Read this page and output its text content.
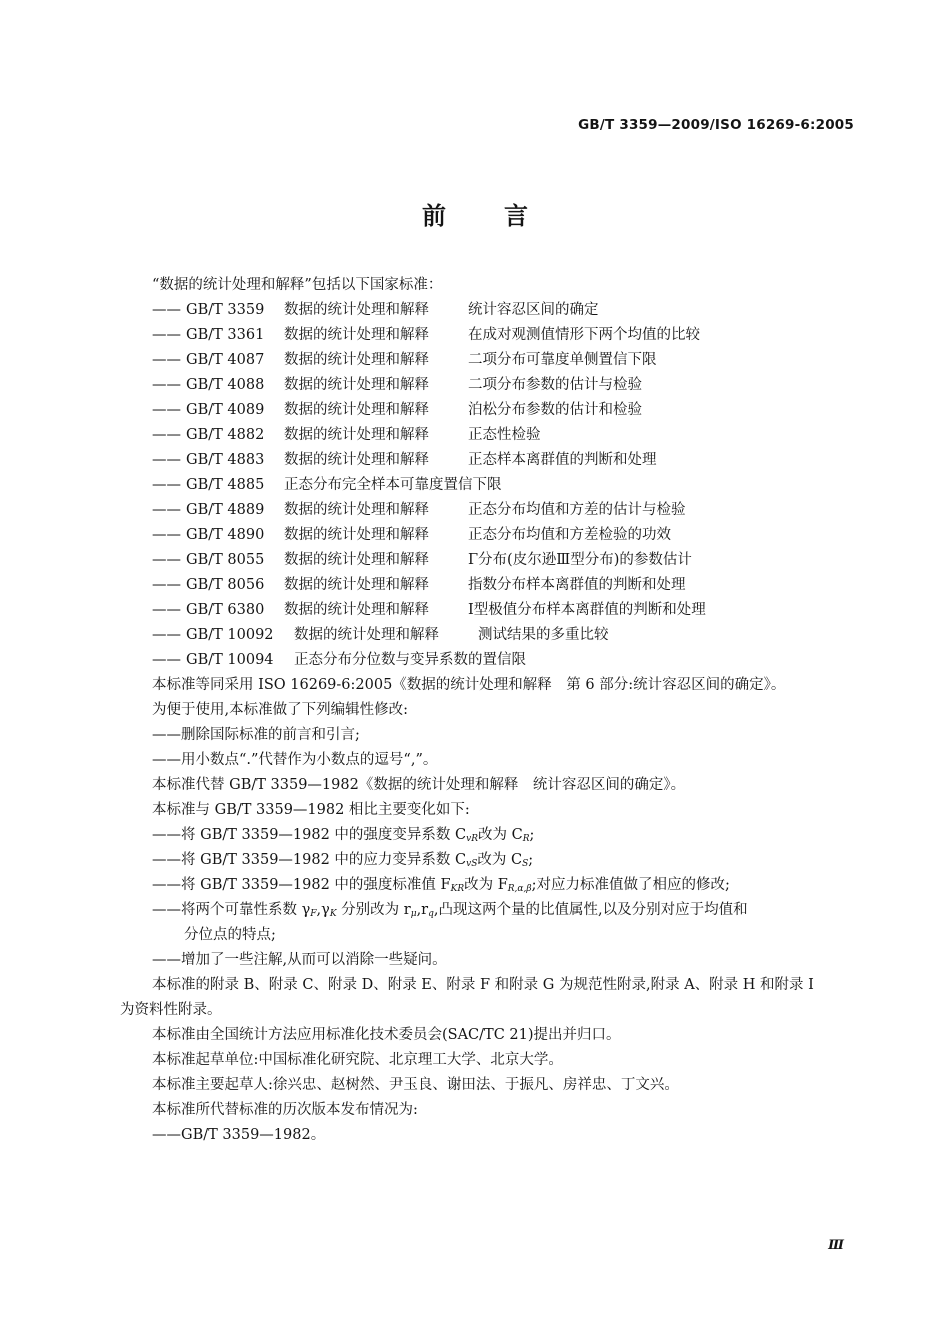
GB/T 3359—2009/ISO 16269-6:2005
前言
“数据的统计处理和解释”包括以下国家标准：
—— GB/T 3359 数据的统计处理和解释	统计容忍区间的确定
—— GB/T 3361 数据的统计处理和解释	在成对观测值情形下两个均值的比较
—— GB/T 4087 数据的统计处理和解释	二项分布可靠度单侧置信下限
—— GB/T 4088 数据的统计处理和解释	二项分布参数的估计与检验
—— GB/T 4089 数据的统计处理和解释	泊松分布参数的估计和检验
—— GB/T 4882 数据的统计处理和解释	正态性检验
—— GB/T 4883 数据的统计处理和解释	正态样本离群值的判断和处理
—— GB/T 4885 正态分布完全样本可靠度置信下限
—— GB/T 4889 数据的统计处理和解释	正态分布均值和方差的估计与检验
—— GB/T 4890 数据的统计处理和解释	正态分布均值和方差检验的功效
—— GB/T 8055 数据的统计处理和解释	Γ分布(皮尔逊Ⅲ型分布)的参数估计
—— GB/T 8056 数据的统计处理和解释	指数分布样本离群值的判断和处理
—— GB/T 6380 数据的统计处理和解释	Ⅰ型极值分布样本离群值的判断和处理
—— GB/T 10092 数据的统计处理和解释	测试结果的多重比较
—— GB/T 10094 正态分布分位数与变异系数的置信限
本标准等同采用 ISO 16269-6:2005《数据的统计处理和解释　第 6 部分:统计容忍区间的确定》。
为便于使用,本标准做了下列编辑性修改:
——删除国际标准的前言和引言;
——用小数点“.”代替作为小数点的逗号“,”。
本标准代替 GB/T 3359—1982《数据的统计处理和解释　统计容忍区间的确定》。
本标准与 GB/T 3359—1982 相比主要变化如下:
——将 GB/T 3359—1982 中的强度变异系数 $C_{vR}$改为 $C_R$;
——将 GB/T 3359—1982 中的应力变异系数 $C_{vS}$改为 $C_S$;
——将 GB/T 3359—1982 中的强度标准值 $F_{KR}$改为 $F_{R,\alpha,\beta}$;对应力标准值做了相应的修改;
——将两个可靠性系数 $\gamma_F,\gamma_K$ 分别改为 $r_\mu,r_q$,凸现这两个量的比值属性,以及分别对应于均值和
分位点的特点;
——增加了一些注解,从而可以消除一些疑问。
本标准的附录 B、附录 C、附录 D、附录 E、附录 F 和附录 G 为规范性附录,附录 A、附录 H 和附录 I
为资料性附录。
本标准由全国统计方法应用标准化技术委员会(SAC/TC 21)提出并归口。
本标准起草单位:中国标准化研究院、北京理工大学、北京大学。
本标准主要起草人:徐兴忠、赵树然、尹玉良、谢田法、于振凡、房祥忠、丁文兴。
本标准所代替标准的历次版本发布情况为:
——GB/T 3359—1982。
Ⅲ
